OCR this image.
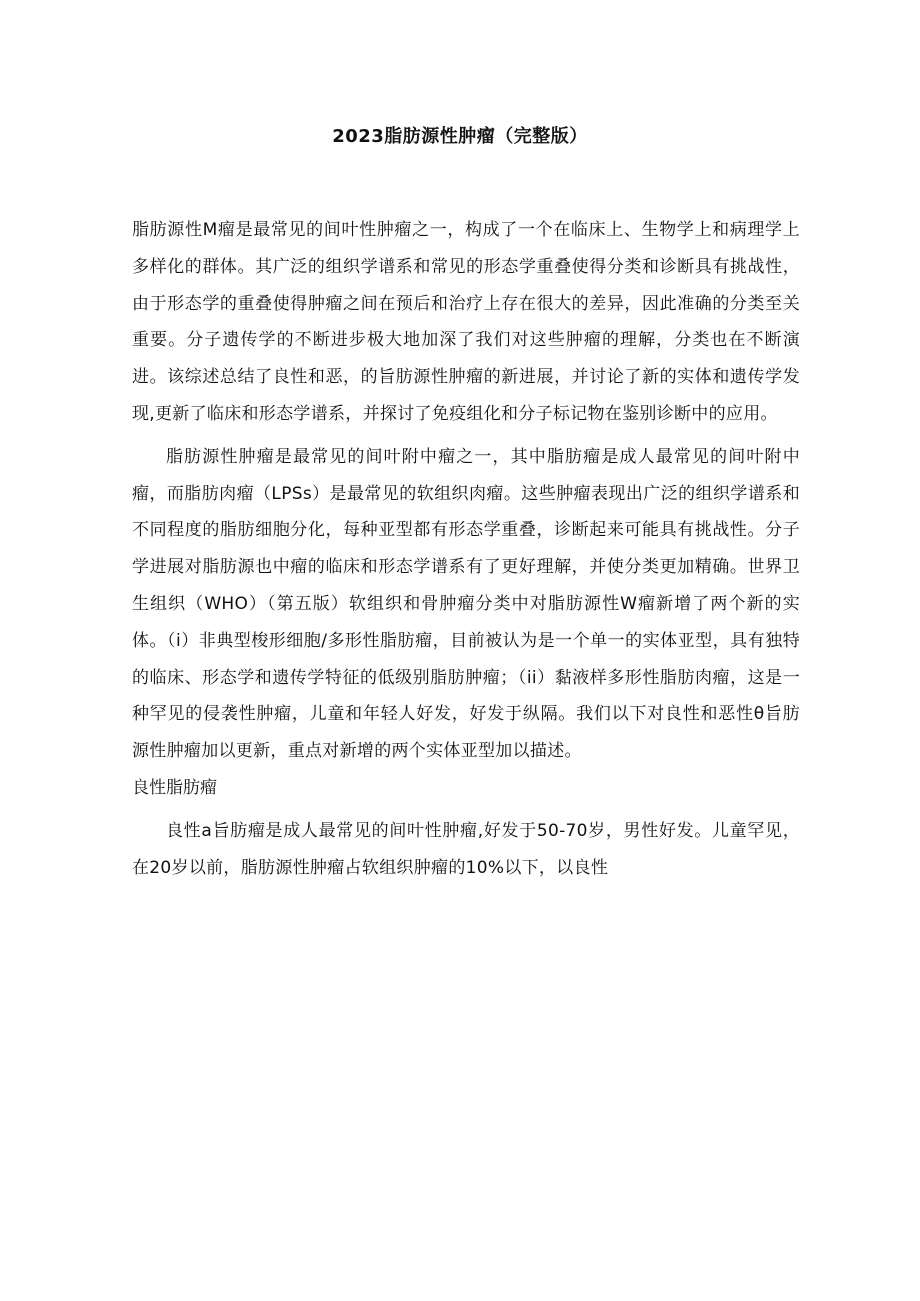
2023脂肪源性肿瘤（完整版）

脂肪源性M瘤是最常见的间叶性肿瘤之一，构成了一个在临床上、生物学上和病理学上多样化的群体。其广泛的组织学谱系和常见的形态学重叠使得分类和诊断具有挑战性，由于形态学的重叠使得肿瘤之间在预后和治疗上存在很大的差异，因此准确的分类至关重要。分子遗传学的不断进步极大地加深了我们对这些肿瘤的理解，分类也在不断演进。该综述总结了良性和恶，的旨肪源性肿瘤的新进展，并讨论了新的实体和遗传学发现,更新了临床和形态学谱系，并探讨了免疫组化和分子标记物在鉴别诊断中的应用。

脂肪源性肿瘤是最常见的间叶附中瘤之一，其中脂肪瘤是成人最常见的间叶附中瘤，而脂肪肉瘤（LPSs）是最常见的软组织肉瘤。这些肿瘤表现出广泛的组织学谱系和不同程度的脂肪细胞分化，每种亚型都有形态学重叠，诊断起来可能具有挑战性。分子学进展对脂肪源也中瘤的临床和形态学谱系有了更好理解，并使分类更加精确。世界卫生组织（WHO）（第五版）软组织和骨肿瘤分类中对脂肪源性W瘤新增了两个新的实体。（i）非典型梭形细胞/多形性脂肪瘤，目前被认为是一个单一的实体亚型，具有独特的临床、形态学和遗传学特征的低级别脂肪肿瘤；（ii）黏液样多形性脂肪肉瘤，这是一种罕见的侵袭性肿瘤，儿童和年轻人好发，好发于纵隔。我们以下对良性和恶性θ旨肪源性肿瘤加以更新，重点对新增的两个实体亚型加以描述。

良性脂肪瘤

良性a旨肪瘤是成人最常见的间叶性肿瘤,好发于50-70岁，男性好发。儿童罕见，在20岁以前，脂肪源性肿瘤占软组织肿瘤的10%以下，以良性
